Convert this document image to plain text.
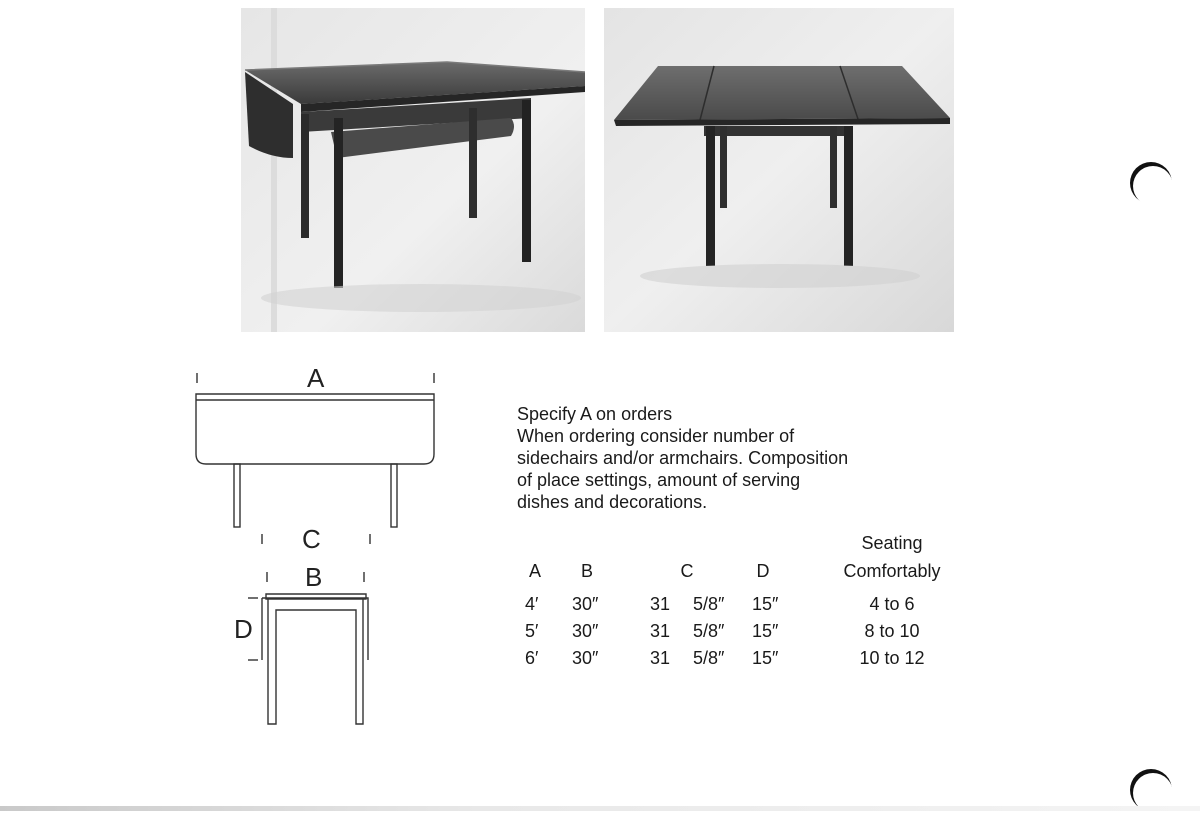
A
C
B
D

Specify A on orders

When ordering consider number of

sidechairs and/or armchairs. Composition

of place settings, amount of serving

dishes and decorations.

Seating
A B	C	D	Comfortably
4′ 30″	31 5/8″ 15″	4 to 6
5′ 30″	31 5/8″ 15″	8 to 10
6′ 30″	31 5/8″ 15″	10 to 12
